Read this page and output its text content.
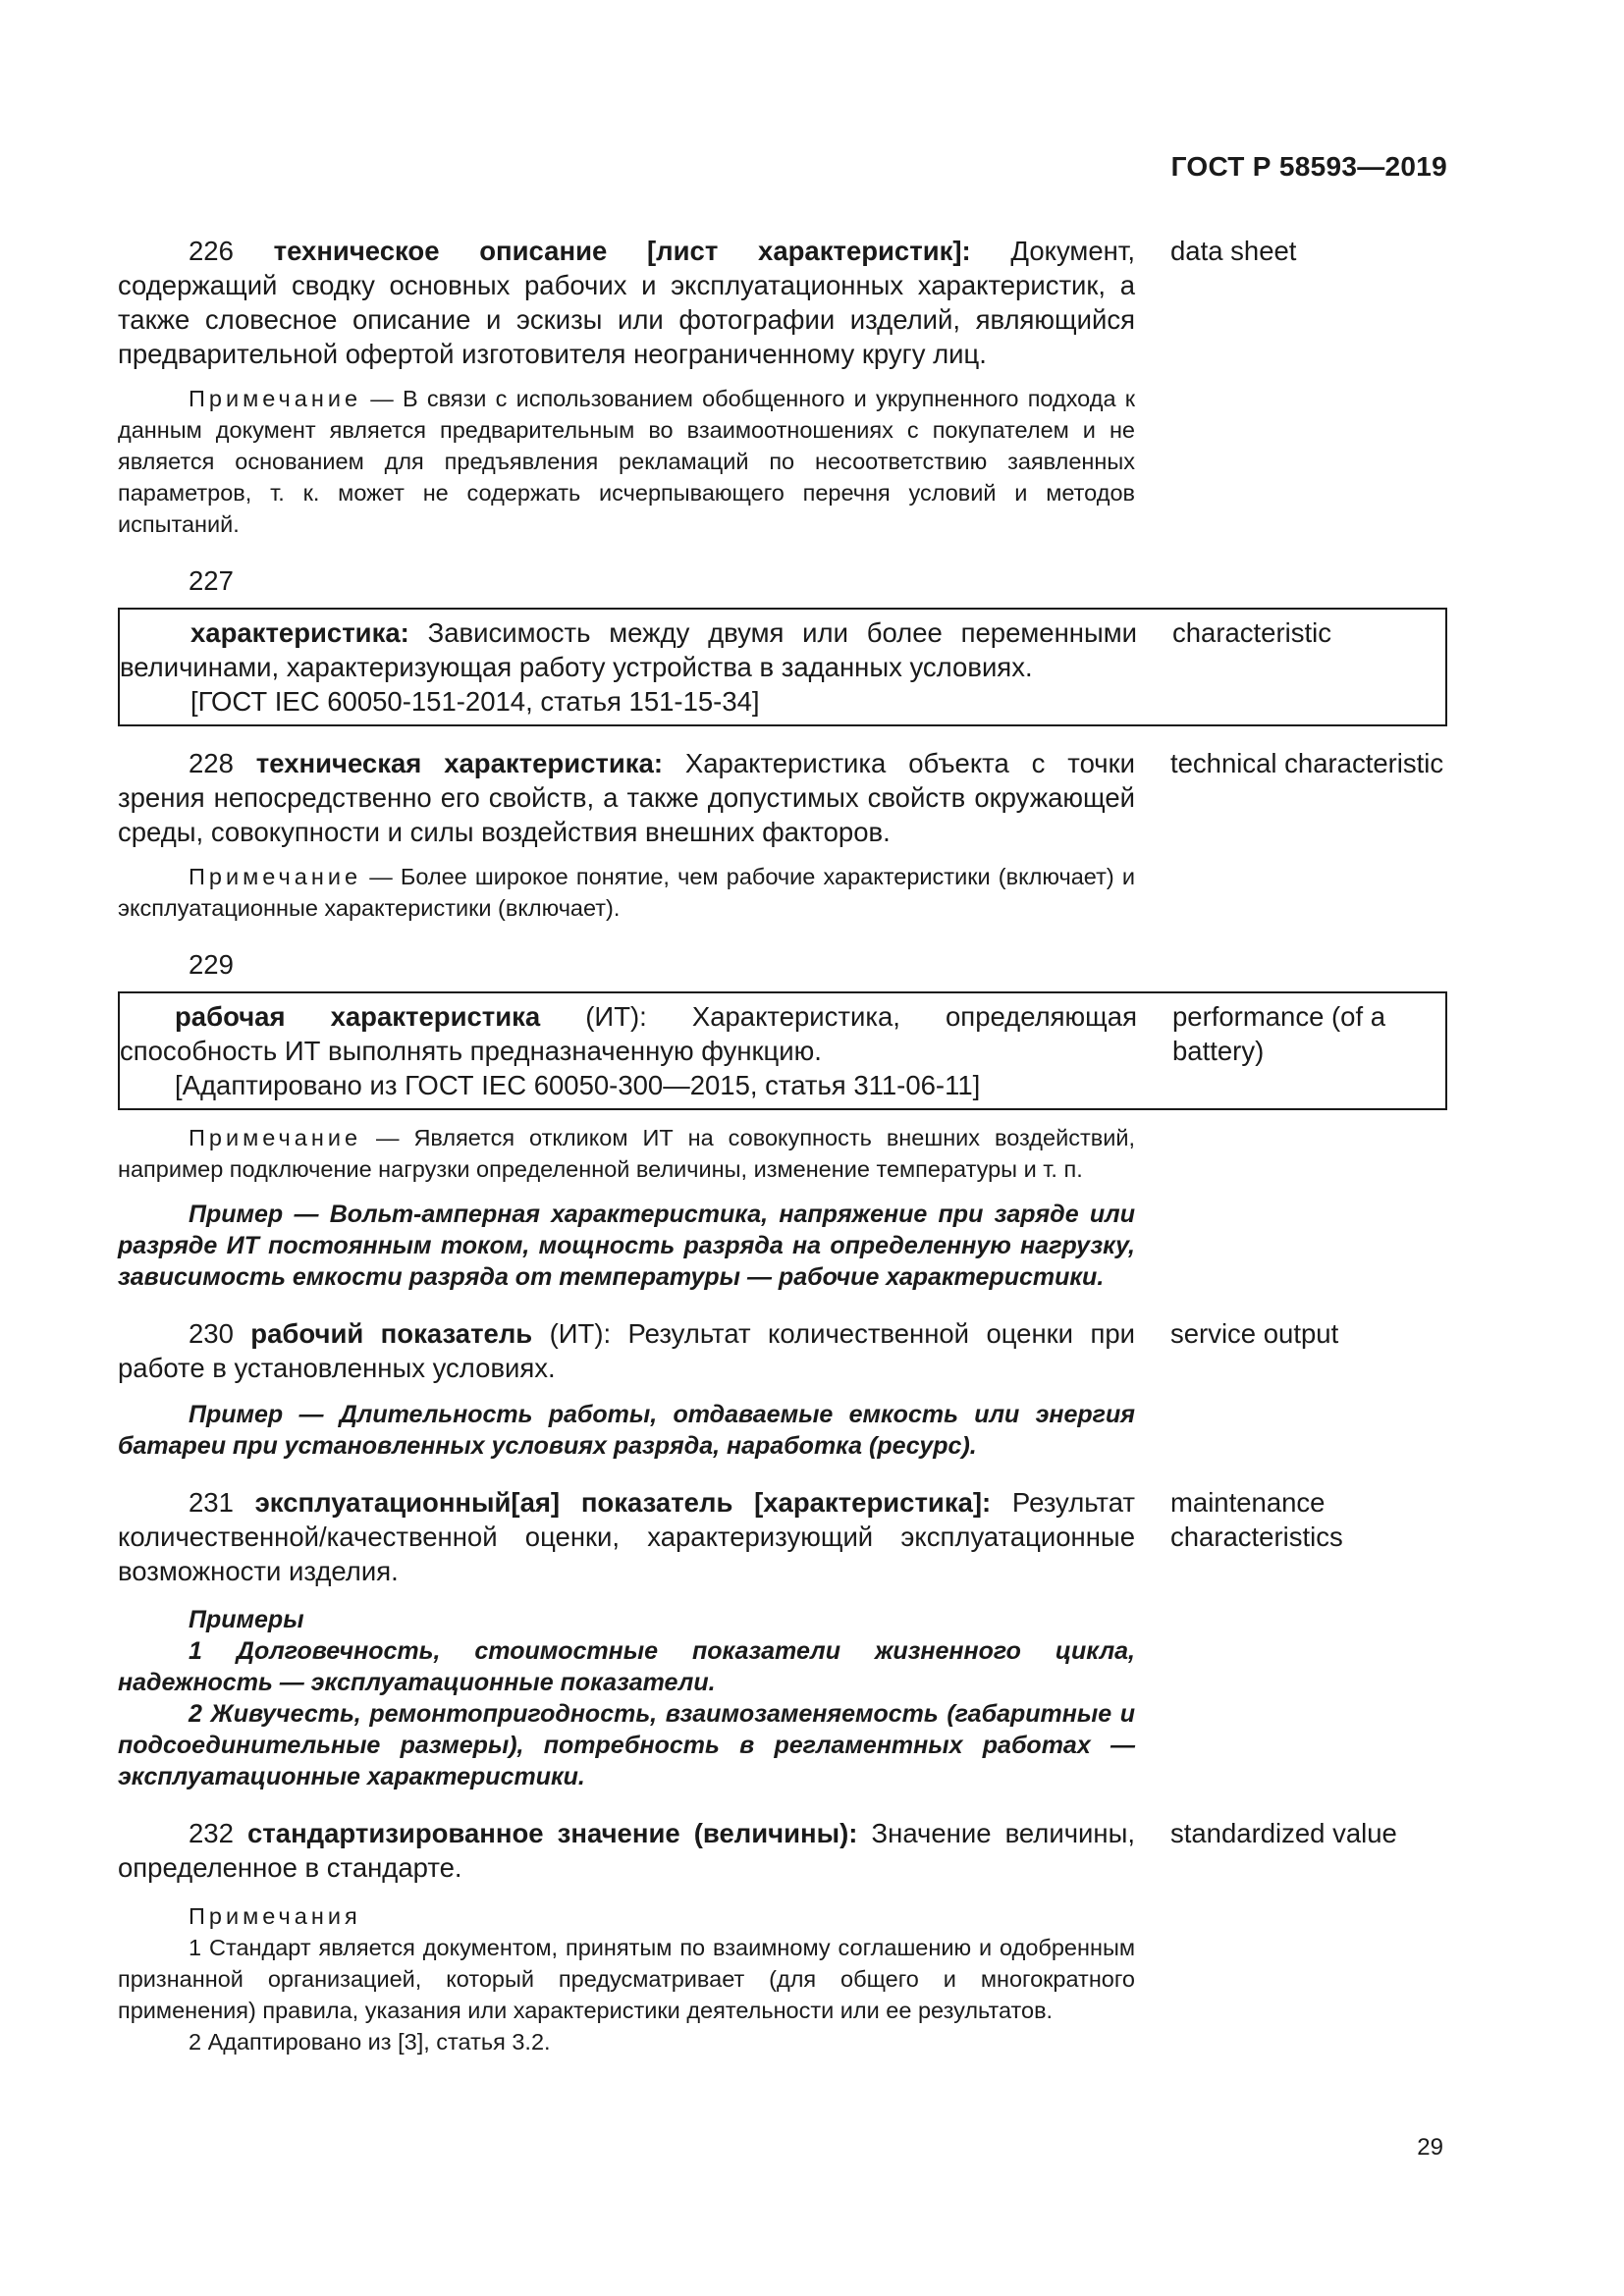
ГОСТ Р 58593—2019
226 техническое описание [лист характеристик]: Документ, содержащий сводку основных рабочих и эксплуатационных характеристик, а также словесное описание и эскизы или фотографии изделий, являющийся предварительной офертой изготовителя неограниченному кругу лиц.
data sheet
Примечание — В связи с использованием обобщенного и укрупненного подхода к данным документ является предварительным во взаимоотношениях с покупателем и не является основанием для предъявления рекламаций по несоответствию заявленных параметров, т. к. может не содержать исчерпывающего перечня условий и методов испытаний.
227
характеристика: Зависимость между двумя или более переменными величинами, характеризующая работу устройства в заданных условиях.
[ГОСТ IEC 60050-151-2014, статья 151-15-34]
characteristic
228 техническая характеристика: Характеристика объекта с точки зрения непосредственно его свойств, а также допустимых свойств окружающей среды, совокупности и силы воздействия внешних факторов.
technical characteristic
Примечание — Более широкое понятие, чем рабочие характеристики (включает) и эксплуатационные характеристики (включает).
229
рабочая характеристика (ИТ): Характеристика, определяющая способность ИТ выполнять предназначенную функцию.
[Адаптировано из ГОСТ IEC 60050-300—2015, статья 311-06-11]
performance (of a battery)
Примечание — Является откликом ИТ на совокупность внешних воздействий, например подключение нагрузки определенной величины, изменение температуры и т. п.
Пример — Вольт-амперная характеристика, напряжение при заряде или разряде ИТ постоянным током, мощность разряда на определенную нагрузку, зависимость емкости разряда от температуры — рабочие характеристики.
230 рабочий показатель (ИТ): Результат количественной оценки при работе в установленных условиях.
service output
Пример — Длительность работы, отдаваемые емкость или энергия батареи при установленных условиях разряда, наработка (ресурс).
231 эксплуатационный[ая] показатель [характеристика]: Результат количественной/качественной оценки, характеризующий эксплуатационные возможности изделия.
maintenance characteristics
Примеры
1 Долговечность, стоимостные показатели жизненного цикла, надежность — эксплуатационные показатели.
2 Живучесть, ремонтопригодность, взаимозаменяемость (габаритные и подсоединительные размеры), потребность в регламентных работах — эксплуатационные характеристики.
232 стандартизированное значение (величины): Значение величины, определенное в стандарте.
standardized value
Примечания
1 Стандарт является документом, принятым по взаимному соглашению и одобренным признанной организацией, который предусматривает (для общего и многократного применения) правила, указания или характеристики деятельности или ее результатов.
2 Адаптировано из [3], статья 3.2.
29
